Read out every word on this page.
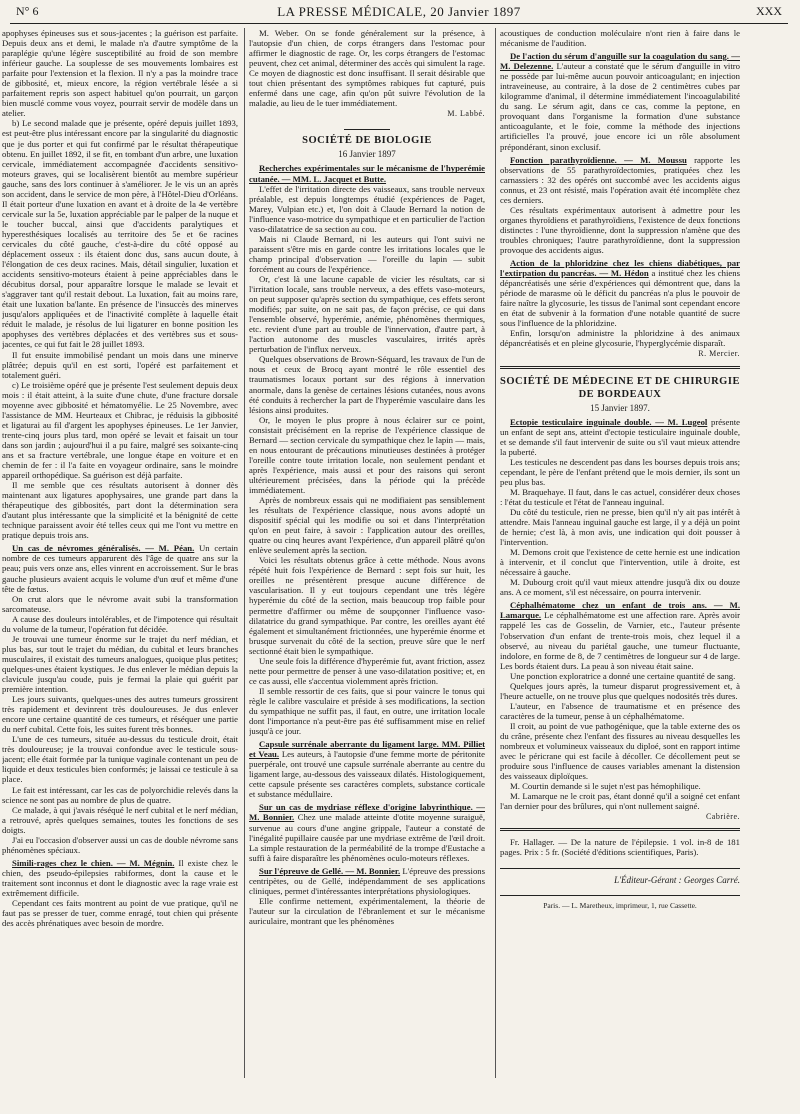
N° 6	LA PRESSE MÉDICALE, 20 Janvier 1897	XXX

apophyses épineuses sus et sous-jacentes ; la guérison est parfaite. Depuis deux ans et demi, le malade n'a d'autre symptôme de la paraplégie qu'une légère susceptibilité au froid de son membre inférieur gauche. La souplesse de ses mouvements lombaires est parfaite pour l'extension et la flexion. Il n'y a pas la moindre trace de gibbosité, et, mieux encore, la région vertébrale lésée a si parfaitement repris son aspect habituel qu'on pourrait, un garçon bien musclé comme vous voyez, pourrait servir de modèle dans un atelier.

b) Le second malade que je présente, opéré depuis juillet 1893, est peut-être plus intéressant encore par la singularité du diagnostic que je dus porter et qui fut confirmé par le résultat thérapeutique obtenu. En juillet 1892, il se fit, en tombant d'un arbre, une luxation cervicale, immédiatement accompagnée d'accidents sensitivo-moteurs graves, qui se localisèrent bientôt au membre supérieur gauche, sans des lors continuer à s'améliorer. Je le vis un an après son accident, dans le service de mon père, à l'Hôtel-Dieu d'Orléans. Il était porteur d'une luxation en avant et à droite de la 4e vertèbre cervicale sur la 5e, luxation appréciable par le palper de la nuque et le toucher buccal, ainsi que d'accidents paralytiques et hyperesthésiques localisés au territoire des 5e et 6e racines cervicales du côté gauche, c'est-à-dire du côté opposé au déplacement osseux : ils étaient donc dus, sans aucun doute, à l'élongation de ces deux racines. Mais, détail singulier, luxation et accidents sensitivo-moteurs étaient à peine appréciables dans le décubitus dorsal, pour apparaître lorsque le malade se levait et s'aggraver tant qu'il restait debout. La luxation, fait au moins rare, était une luxation ba'lante. En présence de l'insuccès des minerves jusqu'alors appliquées et de l'inactivité complète à laquelle était réduit le malade, je résolus de lui ligaturer en bonne position les apophyses des vertèbres déplacées et des vertèbres sus et sous-jacentes, ce qui fut fait le 28 juillet 1893.

Il fut ensuite immobilisé pendant un mois dans une minerve plâtrée; depuis qu'il en est sorti, l'opéré est parfaitement et totalement guéri.

c) Le troisième opéré que je présente l'est seulement depuis deux mois : il était atteint, à la suite d'une chute, d'une fracture dorsale moyenne avec gibbosité et hématomyélie. Le 25 Novembre, avec l'assistance de MM. Heurteaux et Chibrac, je réduisis la gibbosité et ligaturai au fil d'argent les apophyses épineuses. Le 1er Janvier, trente-cinq jours plus tard, mon opéré se levait et faisait un tour dans son jardin ; aujourd'hui il a pu faire, malgré ses soixante-cinq ans et sa fracture vertébrale, une longue étape en voiture et en chemin de fer : il l'a faite en voyageur ordinaire, sans le moindre appareil orthopédique. Sa guérison est déjà parfaite.

Il me semble que ces résultats autorisent à donner dès maintenant aux ligatures apophysaires, une grande part dans la thérapeutique des gibbosités, part dont la détermination sera d'autant plus intéressante que la simplicité et la bénignité de cette technique paraissent avoir été telles ceux qui me l'ont vu mettre en pratique depuis trois ans.

Un cas de névromes généralisés. — M. Péan. Un certain nombre de ces tumeurs apparurent dès l'âge de quatre ans sur la peau; puis vers onze ans, elles vinrent en accroissement. Sur le bras gauche plusieurs avaient acquis le volume d'un œuf et même d'une tête de fœtus.

On crut alors que le névrome avait subi la transformation sarcomateuse.

A cause des douleurs intolérables, et de l'impotence qui résultait du volume de la tumeur, l'opération fut décidée.

Je trouvai une tumeur énorme sur le trajet du nerf médian, et plus bas, sur tout le trajet du médian, du cubital et leurs branches musculaires, il existait des tumeurs analogues, quoique plus petites; quelques-unes étaient kystiques. Je dus enlever le médian depuis la clavicule jusqu'au coude, puis je fermai la plaie qui guérit par première intention.

Les jours suivants, quelques-unes des autres tumeurs grossirent très rapidement et devinrent très douloureuses. Je dus enlever encore une certaine quantité de ces tumeurs, et réséquer une partie du nerf cubital. Cette fois, les suites furent très bonnes.

L'une de ces tumeurs, située au-dessus du testicule droit, était très douloureuse; je la trouvai confondue avec le testicule sous-jacent; elle était formée par la tunique vaginale contenant un peu de liquide et deux testicules bien conformés; je laissai ce testicule à sa place.

Le fait est intéressant, car les cas de polyorchidie relevés dans la science ne sont pas au nombre de plus de quatre.

Ce malade, à qui j'avais réséqué le nerf cubital et le nerf médian, a retrouvé, après quelques semaines, toutes les fonctions de ses doigts.

J'ai eu l'occasion d'observer aussi un cas de double névrome sans phénomènes spéciaux.

Simili-rages chez le chien. — M. Mégnin. Il existe chez le chien, des pseudo-épilepsies rabiformes, dont la cause et le traitement sont inconnus et dont le diagnostic avec la rage vraie est extrêmement difficile.

Cependant ces faits montrent au point de vue pratique, qu'il ne faut pas se presser de tuer, comme enragé, tout chien qui présente des accès phrénatiques avec besoin de mordre.

M. Weber. On se fonde généralement sur la présence, à l'autopsie d'un chien, de corps étrangers dans l'estomac pour affirmer le diagnostic de rage. Or, les corps étrangers de l'estomac peuvent, chez cet animal, déterminer des accès qui simulent la rage. Ce moyen de diagnostic est donc insuffisant. Il serait désirable que tout chien présentant des symptômes rabiques fut capturé, puis enfermé dans une cage, afin qu'on pût suivre l'évolution de la maladie, au lieu de le tuer immédiatement.

M. Labbé.
SOCIÉTÉ DE BIOLOGIE
16 Janvier 1897

Recherches expérimentales sur le mécanisme de l'hyperémie cutanée. — MM. L. Jacquet et Butte.

L'effet de l'irritation directe des vaisseaux, sans trouble nerveux préalable, est depuis longtemps étudié (expériences de Paget, Marey, Vulpian etc.) et, l'on doit à Claude Bernard la notion de l'influence vaso-motrice du sympathique et en particulier de l'action vaso-dilatatrice de sa section au cou.

Mais ni Claude Bernard, ni les auteurs qui l'ont suivi ne paraissent s'être mis en garde contre les irritations locales que le champ principal d'observation — l'oreille du lapin — subit forcément au cours de l'expérience.

Or, c'est là une lacune capable de vicier les résultats, car si l'irritation locale, sans trouble nerveux, a des effets vaso-moteurs, on peut supposer qu'après section du sympathique, ces effets seront modifiés; par suite, on ne sait pas, de façon précise, ce qui dans l'ensemble observé, hyperémie, anémie, phénomènes thermiques, etc. revient d'une part au trouble de l'innervation, d'autre part, à l'action autonome des muscles vasculaires, irrités après perturbation de l'influx nerveux.

Quelques observations de Brown-Séquard, les travaux de l'un de nous et ceux de Brocq ayant montré le rôle essentiel des traumatismes locaux portant sur des régions à innervation anormale, dans la genèse de certaines lésions cutanées, nous avons été conduits à rechercher la part de l'hyperémie vasculaire dans les lésions ainsi produites.

Or, le moyen le plus propre à nous éclairer sur ce point, consistait précisément en la reprise de l'expérience classique de Bernard — section cervicale du sympathique chez le lapin — mais, en nous entourant de précautions minutieuses destinées à protéger l'oreille contre toute irritation locale, non seulement pendant et après l'expérience, mais aussi et pour des raisons qui seront ultérieurement précisées, dans la période qui la précède immédiatement.

Après de nombreux essais qui ne modifiaient pas sensiblement les résultats de l'expérience classique, nous avons adopté un dispositif spécial qui les modifie ou soi et dans l'interprétation qu'on en peut faire, à savoir : l'application autour des oreilles, quatre ou cinq heures avant l'expérience, d'un appareil plâtré qu'on enlève seulement après la section.

Voici les résultats obtenus grâce à cette méthode. Nous avons répété huit fois l'expérience de Bernard : sept fois sur huit, les oreilles ne présentèrent presque aucune différence de vascularisation. Il y eut toujours cependant une très légère hyperémie du côté de la section, mais beaucoup trop faible pour permettre d'affirmer ou même de soupçonner l'influence vaso-dilatatrice du grand sympathique. Par contre, les oreilles ayant été également et simultanément frictionnées, une hyperémie énorme et brusque survenait du côté de la section, preuve sûre que le nerf sectionné était bien le sympathique.

Une seule fois la différence d'hyperémie fut, avant friction, assez nette pour permettre de penser à une vaso-dilatation positive; et, en ce cas aussi, elle s'accentua violemment après friction.

Il semble ressortir de ces faits, que si pour vaincre le tonus qui règle le calibre vasculaire et préside à ses modifications, la section du sympathique ne suffit pas, il faut, en outre, une irritation locale dont l'importance n'a peut-être pas été suffisamment mise en relief jusqu'à ce jour.

Capsule surrénale aberrante du ligament large. MM. Pilliet et Veau. Les auteurs, à l'autopsie d'une femme morte de péritonite puerpérale, ont trouvé une capsule surrénale aberrante au centre du ligament large, au-dessous des vaisseaux dilatés. Histologiquement, cette capsule présente ses caractères complets, substance corticale et substance médullaire.

Sur un cas de mydriase réflexe d'origine labyrinthique. — M. Bonnier. Chez une malade atteinte d'otite moyenne suraiguë, survenue au cours d'une angine grippale, l'auteur a constaté de l'inégalité pupillaire causée par une mydriase extrême de l'œil droit. La simple restauration de la perméabilité de la trompe d'Eustache a suffi à faire disparaître les phénomènes oculo-moteurs réflexes.

Sur l'épreuve de Gellé. — M. Bonnier. L'épreuve des pressions centripètes, ou de Gellé, indépendamment de ses applications cliniques, permet d'intéressantes interprétations physiologiques.

Elle confirme nettement, expérimentalement, la théorie de l'auteur sur la circulation de l'ébranlement et sur le mécanisme auriculaire, montrant que les phénomènes

acoustiques de conduction moléculaire n'ont rien à faire dans le mécanisme de l'audition.

De l'action du sérum d'anguille sur la coagulation du sang. — M. Delezenne. L'auteur a constaté que le sérum d'anguille in vitro ne possède par lui-même aucun pouvoir anticoagulant; en injection intraveineuse, au contraire, à la dose de 2 centimètres cubes par kilogramme d'animal, il détermine immédiatement l'incoagulabilité du sang. Le sérum agit, dans ce cas, comme la peptone, en provoquant dans l'organisme la formation d'une substance anticoagulante, et le foie, comme la méthode des injections artificielles l'a prouvé, joue encore ici un rôle absolument prépondérant, sinon exclusif.

Fonction parathyroïdienne. — M. Moussu rapporte les observations de 55 parathyroïdectomies, pratiquées chez les carnassiers : 32 des opérés ont succombé avec les accidents aigus connus, et 23 ont résisté, mais l'opération avait été incomplète chez ces derniers.

Ces résultats expérimentaux autorisent à admettre pour les organes thyroïdiens et parathyroïdiens, l'existence de deux fonctions distinctes : l'une thyroïdienne, dont la suppression n'amène que des troubles chroniques; l'autre parathyroïdienne, dont la suppression provoque des accidents aigus.

Action de la phloridzine chez les chiens diabétiques, par l'extirpation du pancréas. — M. Hédon a institué chez les chiens dépancréatisés une série d'expériences qui démontrent que, dans la période de marasme où le déficit du pancréas n'a plus le pouvoir de faire naître la glycosurie, les tissus de l'animal sont cependant encore en état de subvenir à la formation d'une notable quantité de sucre sous l'influence de la phloridzine.

Enfin, lorsqu'on administre la phloridzine à des animaux dépancréatisés et en pleine glycosurie, l'hyperglycémie disparaît.

R. Mercier.
SOCIÉTÉ DE MÉDECINE ET DE CHIRURGIE DE BORDEAUX
15 Janvier 1897.

Ectopie testiculaire inguinale double. — M. Lugeol présente un enfant de sept ans, atteint d'ectopie testiculaire inguinale double, et se demande s'il faut intervenir de suite ou s'il vaut mieux attendre la puberté.

Les testicules ne descendent pas dans les bourses depuis trois ans; cependant, le père de l'enfant prétend que le mois dernier, ils sont un peu plus bas.

M. Braquehaye. Il faut, dans le cas actuel, considérer deux choses : l'état du testicule et l'état de l'anneau inguinal.

Du côté du testicule, rien ne presse, bien qu'il n'y ait pas intérêt à attendre. Mais l'anneau inguinal gauche est large, il y a déjà un point de hernie; c'est là, à mon avis, une indication qui doit pousser à l'intervention.

M. Demons croit que l'existence de cette hernie est une indication à intervenir, et il conclut que l'intervention, utile à droite, est nécessaire à gauche.

M. Dubourg croit qu'il vaut mieux attendre jusqu'à dix ou douze ans. A ce moment, s'il est nécessaire, on pourra intervenir.

Céphalhématome chez un enfant de trois ans. — M. Lamarque. Le céphalhématome est une affection rare. Après avoir rappelé les cas de Gosselin, de Varnier, etc., l'auteur présente l'observation d'un enfant de trente-trois mois, chez lequel il a observé, au niveau du pariétal gauche, une tumeur fluctuante, indolore, en forme de 8, de 7 centimètres de longueur sur 4 de large. Les bords étaient durs. La peau à son niveau était saine.

Une ponction exploratrice a donné une certaine quantité de sang.

Quelques jours après, la tumeur disparut progressivement et, à l'heure actuelle, on ne trouve plus que quelques nodosités très dures.

L'auteur, en l'absence de traumatisme et en présence des caractères de la tumeur, pense à un céphalhématome.

Il croit, au point de vue pathogénique, que la table externe des os du crâne, présente chez l'enfant des fissures au niveau desquelles les nombreux et volumineux vaisseaux du diploé, sont en rapport intime avec le péricrane qui est facile à décoller. Ce décollement peut se produire sous l'influence de causes variables amenant la distension des vaisseaux diploïques.

M. Courtin demande si le sujet n'est pas hémophilique.

M. Lamarque ne le croit pas, étant donné qu'il a soigné cet enfant l'an dernier pour des brûlures, qui n'ont nullement saigné.

Cabrière.

Fr. Hallager. — De la nature de l'épilepsie. 1 vol. in-8 de 181 pages. Prix : 5 fr. (Société d'éditions scientifiques, Paris).

L'Éditeur-Gérant : Georges Carré.
Paris. — L. Maretheux, imprimeur, 1, rue Cassette.
